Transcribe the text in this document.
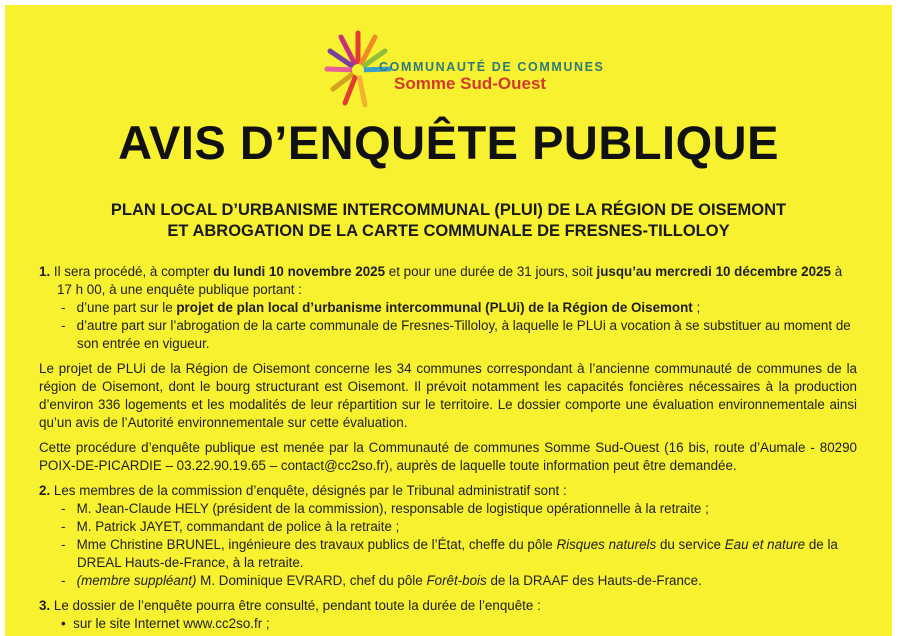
COMMUNAUTÉ DE COMMUNES
Somme Sud-Ouest
AVIS D’ENQUÊTE PUBLIQUE
PLAN LOCAL D’URBANISME INTERCOMMUNAL (PLUI) DE LA RÉGION DE OISEMONT
ET ABROGATION DE LA CARTE COMMUNALE DE FRESNES-TILLOLOY

1. Il sera procédé, à compter du lundi 10 novembre 2025 et pour une durée de 31 jours, soit jusqu’au mercredi 10 décembre 2025 à 17 h 00, à une enquête publique portant :

-   d’une part sur le projet de plan local d’urbanisme intercommunal (PLUi) de la Région de Oisemont ;

-   d’autre part sur l’abrogation de la carte communale de Fresnes-Tilloloy, à laquelle le PLUi a vocation à se substituer au moment de son entrée en vigueur.

Le projet de PLUi de la Région de Oisemont concerne les 34 communes correspondant à l’ancienne communauté de communes de la région de Oisemont, dont le bourg structurant est Oisemont. Il prévoit notamment les capacités foncières nécessaires à la production d’environ 336 logements et les modalités de leur répartition sur le territoire. Le dossier comporte une évaluation environnementale ainsi qu’un avis de l’Autorité environnementale sur cette évaluation.

Cette procédure d’enquête publique est menée par la Communauté de communes Somme Sud-Ouest (16 bis, route d’Aumale - 80290 POIX-DE-PICARDIE – 03.22.90.19.65 – contact@cc2so.fr), auprès de laquelle toute information peut être demandée.

2. Les membres de la commission d’enquête, désignés par le Tribunal administratif sont :

-   M. Jean-Claude HELY (président de la commission), responsable de logistique opérationnelle à la retraite ;

-   M. Patrick JAYET, commandant de police à la retraite ;

-   Mme Christine BRUNEL, ingénieure des travaux publics de l’État, cheffe du pôle Risques naturels du service Eau et nature de la DREAL Hauts-de-France, à la retraite.

-   (membre suppléant) M. Dominique EVRARD, chef du pôle Forêt-bois de la DRAAF des Hauts-de-France.

3. Le dossier de l’enquête pourra être consulté, pendant toute la durée de l’enquête :

•  sur le site Internet www.cc2so.fr ;
